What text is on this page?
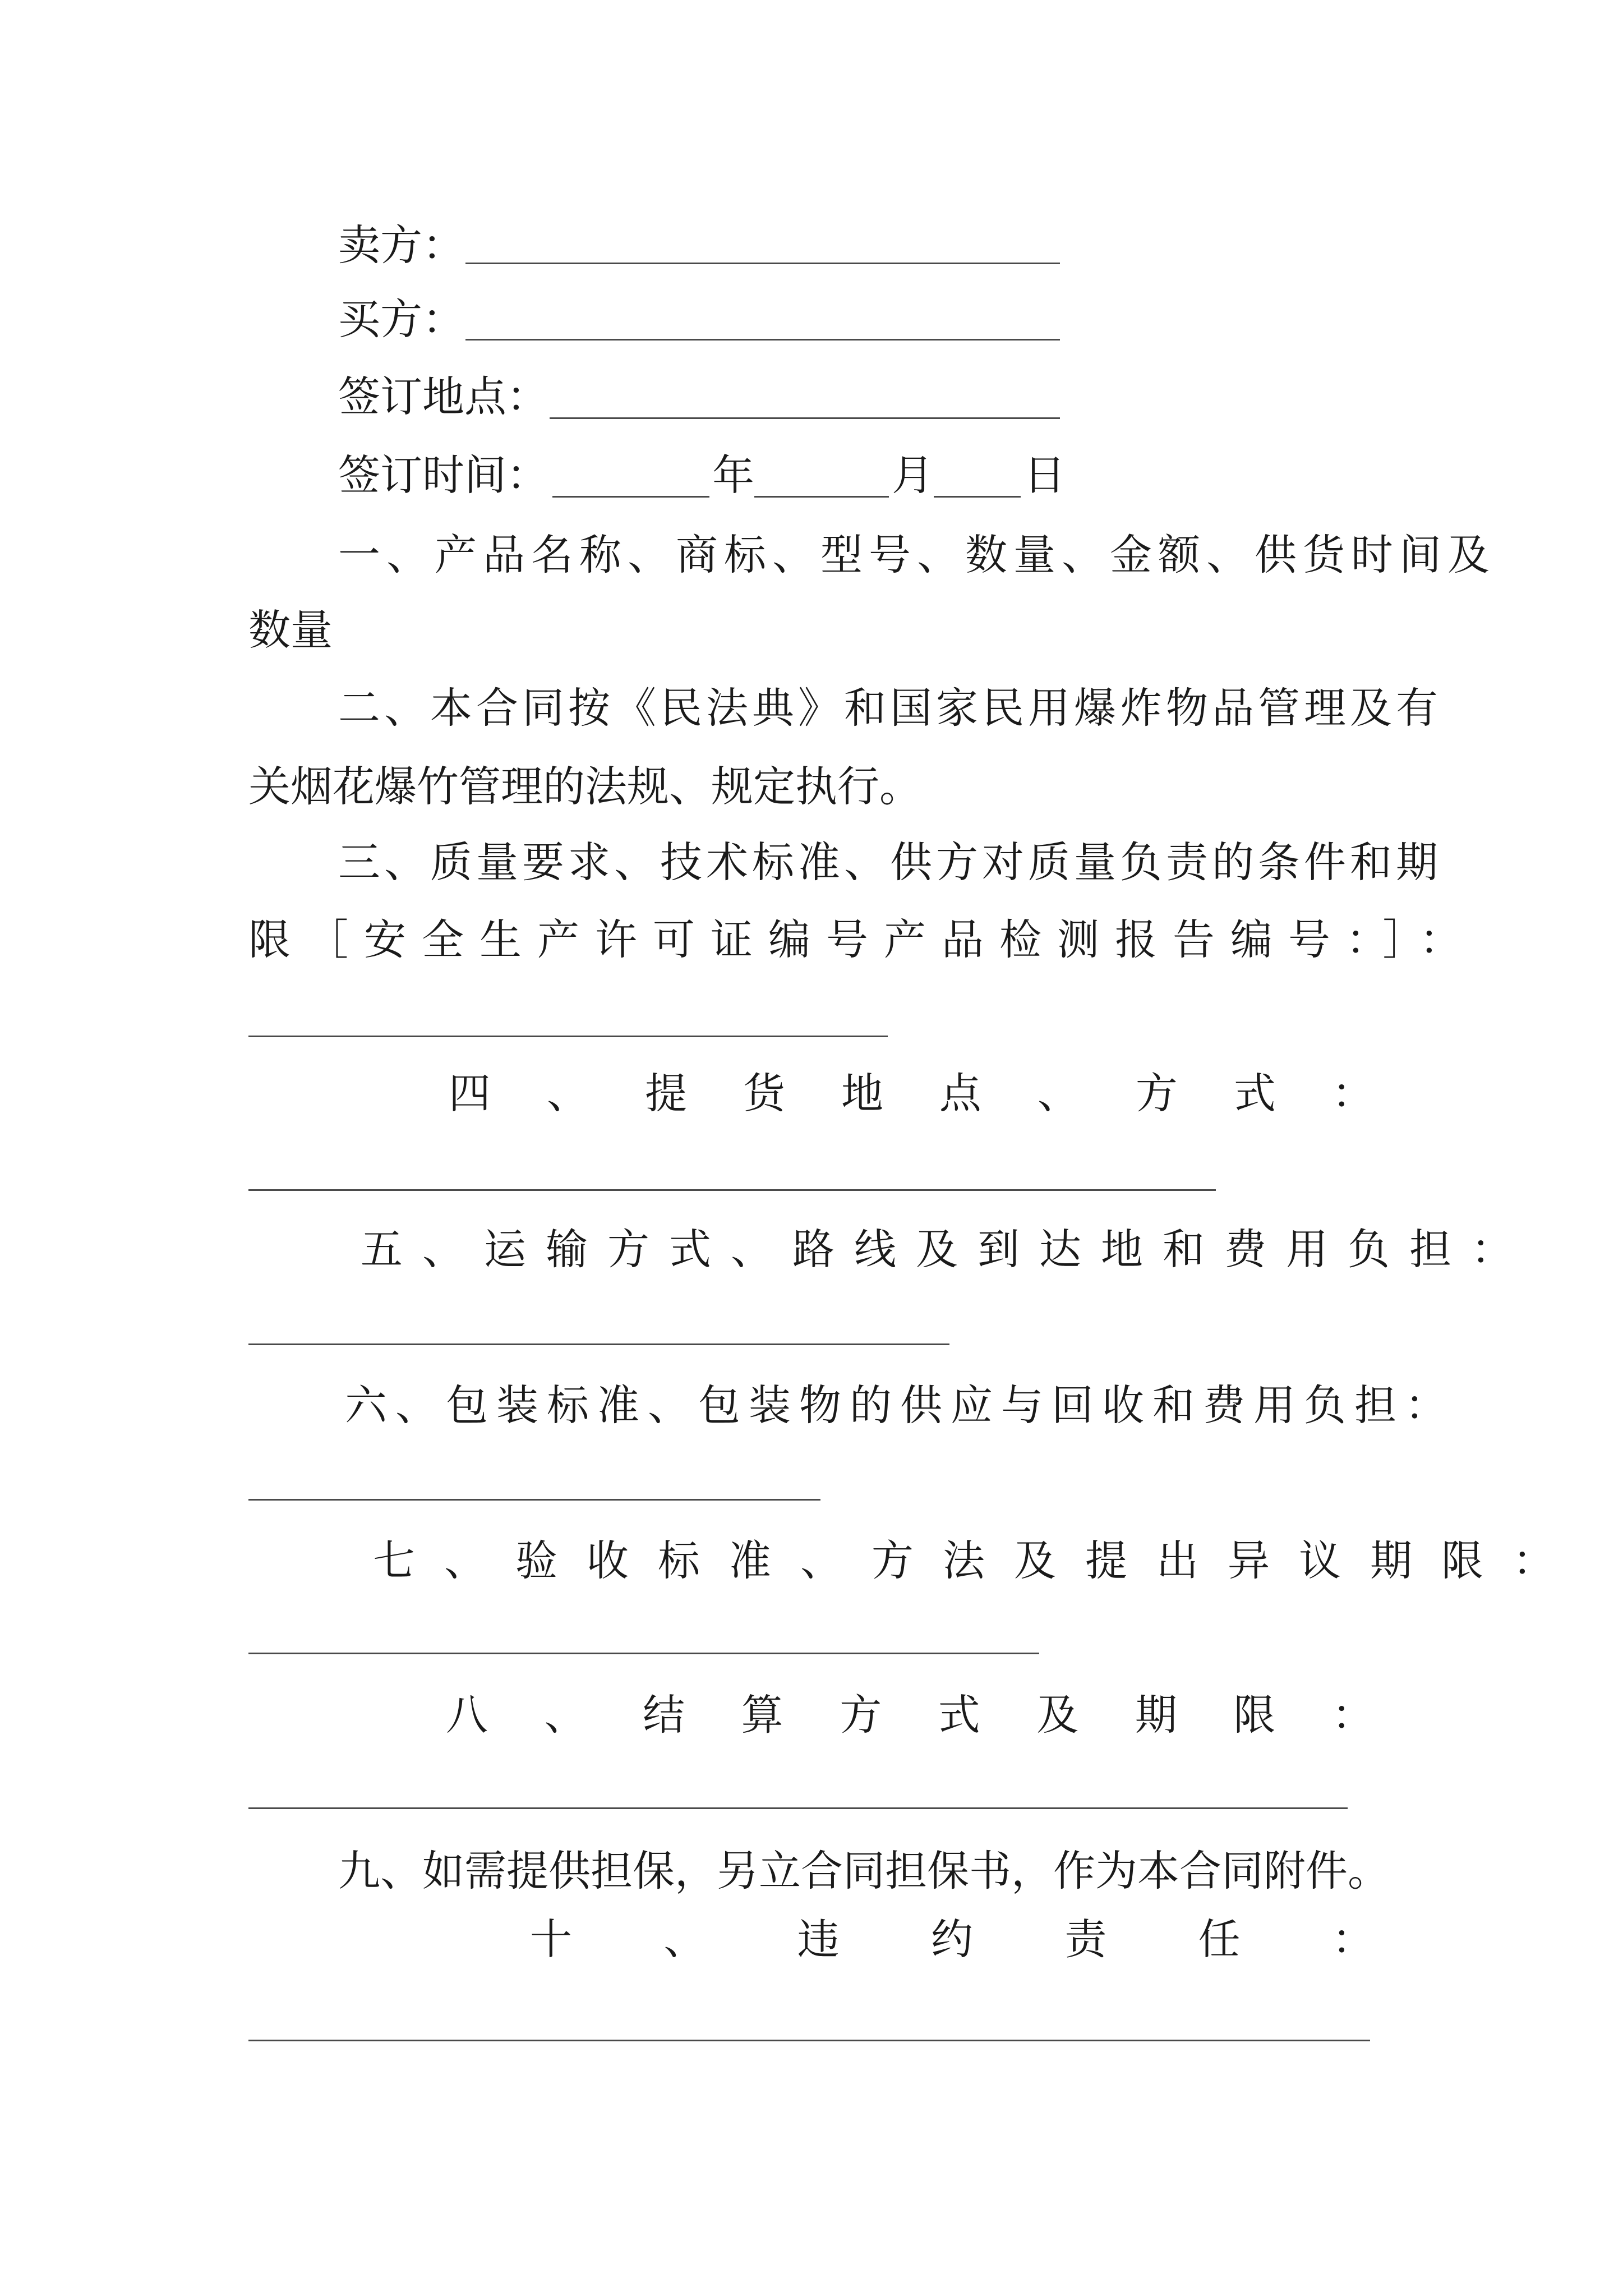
卖方：
买方：
签订地点：
签订时间：	年	月 日
一、产品名称、商标、型号、数量、金额、供货时间及
数量
二、本合同按《民法典》和国家民用爆炸物品管理及有
关烟花爆竹管理的法规、规定执行。
三、质量要求、技术标准、供方对质量负责的条件和期
限［安全生产许可证编号产品检测报告编号：］：
四 、 提 货 地 点 、 方 式 ：
五、运输方式、路线及到达地和费用负担：
六、包装标准、包装物的供应与回收和费用负担：
七、验收标准、方法及提出异议期限：
八 、 结 算 方 式 及 期 限 ：
九、如需提供担保，另立合同担保书，作为本合同附件。
十 、 违 约 责 任 ：
